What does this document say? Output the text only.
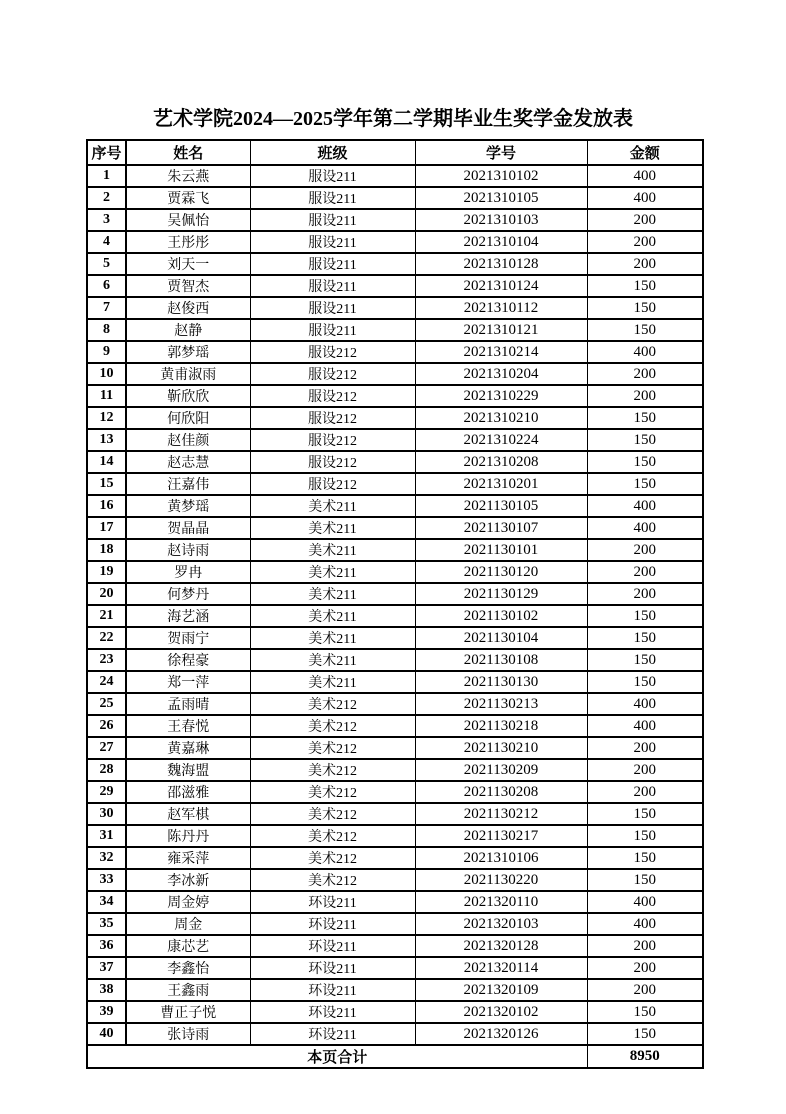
艺术学院2024—2025学年第二学期毕业生奖学金发放表
序号	姓名	班级	学号	金额
1	朱云燕	服设211	2021310102	400
2	贾霖飞	服设211	2021310105	400
3	吴佩怡	服设211	2021310103	200
4	王彤彤	服设211	2021310104	200
5	刘天一	服设211	2021310128	200
6	贾智杰	服设211	2021310124	150
7	赵俊西	服设211	2021310112	150
8	赵静	服设211	2021310121	150
9	郭梦瑶	服设212	2021310214	400
10	黄甫淑雨	服设212	2021310204	200
11	靳欣欣	服设212	2021310229	200
12	何欣阳	服设212	2021310210	150
13	赵佳颜	服设212	2021310224	150
14	赵志慧	服设212	2021310208	150
15	汪嘉伟	服设212	2021310201	150
16	黄梦瑶	美术211	2021130105	400
17	贺晶晶	美术211	2021130107	400
18	赵诗雨	美术211	2021130101	200
19	罗冉	美术211	2021130120	200
20	何梦丹	美术211	2021130129	200
21	海艺涵	美术211	2021130102	150
22	贺雨宁	美术211	2021130104	150
23	徐程豪	美术211	2021130108	150
24	郑一萍	美术211	2021130130	150
25	孟雨晴	美术212	2021130213	400
26	王春悦	美术212	2021130218	400
27	黄嘉琳	美术212	2021130210	200
28	魏海盟	美术212	2021130209	200
29	邵滋雅	美术212	2021130208	200
30	赵军棋	美术212	2021130212	150
31	陈丹丹	美术212	2021130217	150
32	雍采萍	美术212	2021310106	150
33	李冰新	美术212	2021130220	150
34	周金婷	环设211	2021320110	400
35	周金	环设211	2021320103	400
36	康芯艺	环设211	2021320128	200
37	李鑫怡	环设211	2021320114	200
38	王鑫雨	环设211	2021320109	200
39	曹正子悦	环设211	2021320102	150
40	张诗雨	环设211	2021320126	150
本页合计				8950
